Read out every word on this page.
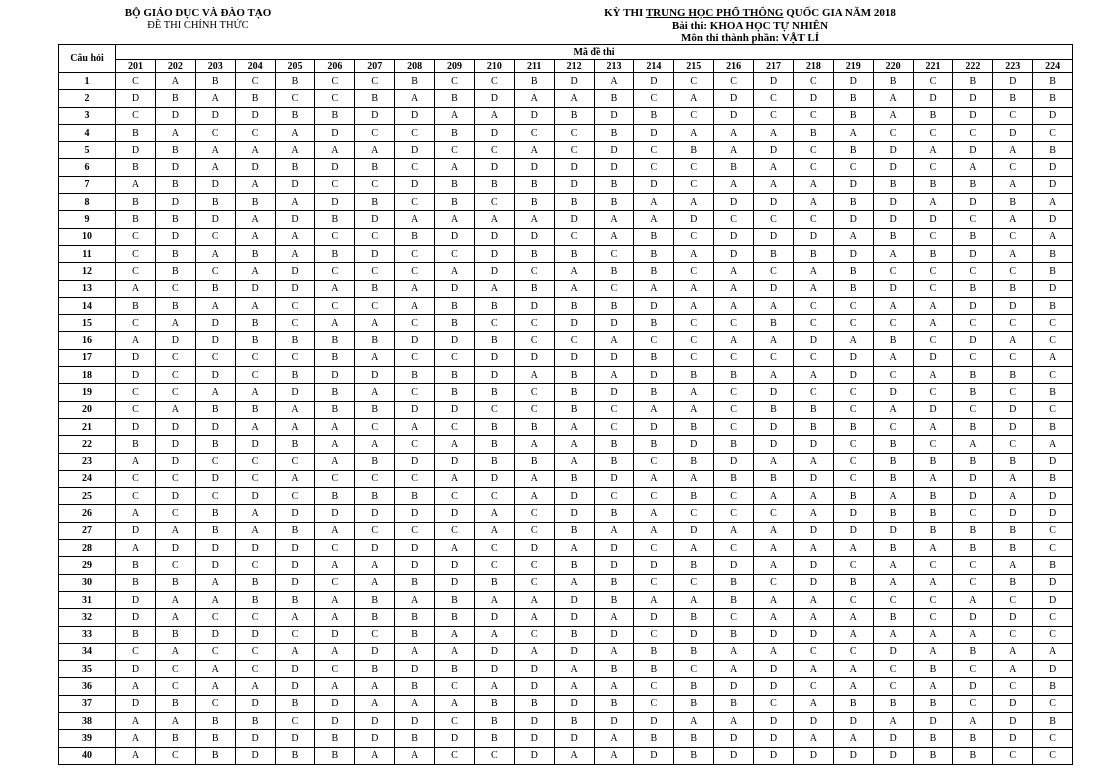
BỘ GIÁO DỤC VÀ ĐÀO TẠO
ĐỀ THI CHÍNH THỨC
KỲ THI TRUNG HỌC PHỔ THÔNG QUỐC GIA NĂM 2018
Bài thi: KHOA HỌC TỰ NHIÊN
Môn thi thành phần: VẬT LÍ
Câu hỏi	Mã đề thi																							
	201	202	203	204	205	206	207	208	209	210	211	212	213	214	215	216	217	218	219	220	221	222	223	224
1	C	A	B	C	B	C	C	B	C	C	B	D	A	D	C	C	D	C	D	B	C	B	D	B
2	D	B	A	B	C	C	B	A	B	D	A	A	B	C	A	D	C	D	B	A	D	D	B	B
3	C	D	D	D	B	B	D	D	A	A	D	B	D	B	C	D	C	C	B	A	B	D	C	D
4	B	A	C	C	A	D	C	C	B	D	C	C	B	D	A	A	A	B	A	C	C	C	D	C
5	D	B	A	A	A	A	A	D	C	C	A	C	D	C	B	A	D	C	B	D	A	D	A	B
6	B	D	A	D	B	D	B	C	A	D	D	D	D	C	C	B	A	C	C	D	C	A	C	D
7	A	B	D	A	D	C	C	D	B	B	B	D	B	D	C	A	A	A	D	B	B	B	A	D
8	B	D	B	B	A	D	B	C	B	C	B	B	B	A	A	D	D	A	B	D	A	D	B	A
9	B	B	D	A	D	B	D	A	A	A	A	D	A	A	D	C	C	C	D	D	D	C	A	D
10	C	D	C	A	A	C	C	B	D	D	D	C	A	B	C	D	D	D	A	B	C	B	C	A
11	C	B	A	B	A	B	D	C	C	D	B	B	C	B	A	D	B	B	D	A	B	D	A	B
12	C	B	C	A	D	C	C	C	A	D	C	A	B	B	C	A	C	A	B	C	C	C	C	B
13	A	C	B	D	D	A	B	A	D	A	B	A	C	A	A	A	D	A	B	D	C	B	B	D
14	B	B	A	A	C	C	C	A	B	B	D	B	B	D	A	A	A	C	C	A	A	D	D	B
15	C	A	D	B	C	A	A	C	B	C	C	D	D	B	C	C	B	C	C	C	A	C	C	C
16	A	D	D	B	B	B	B	D	D	B	C	C	A	C	C	A	A	D	A	B	C	D	A	C
17	D	C	C	C	C	B	A	C	C	D	D	D	D	B	C	C	C	C	D	A	D	C	C	A
18	D	C	D	C	B	D	D	B	B	D	A	B	A	D	B	B	A	A	D	C	A	B	B	C
19	C	C	A	A	D	B	A	C	B	B	C	B	D	B	A	C	D	C	C	D	C	B	C	B
20	C	A	B	B	A	B	B	D	D	C	C	B	C	A	A	C	B	B	C	A	D	C	D	C
21	D	D	D	A	A	A	C	A	C	B	B	A	C	D	B	C	D	B	B	C	A	B	D	B
22	B	D	B	D	B	A	A	C	A	B	A	A	B	B	D	B	D	D	C	B	C	A	C	A
23	A	D	C	C	C	A	B	D	D	B	B	A	B	C	B	D	A	A	C	B	B	B	B	D
24	C	C	D	C	A	C	C	C	A	D	A	B	D	A	A	B	B	D	C	B	A	D	A	B
25	C	D	C	D	C	B	B	B	C	C	A	D	C	C	B	C	A	A	B	A	B	D	A	D
26	A	C	B	A	D	D	D	D	D	A	C	D	B	A	C	C	C	A	D	B	B	C	D	D
27	D	A	B	A	B	A	C	C	C	A	C	B	A	A	D	A	A	D	D	D	B	B	B	C
28	A	D	D	D	D	C	D	D	A	C	D	A	D	C	A	C	A	A	A	B	A	B	B	C
29	B	C	D	C	D	A	A	D	D	C	C	B	D	D	B	D	A	D	C	A	C	C	A	B
30	B	B	A	B	D	C	A	B	D	B	C	A	B	C	C	B	C	D	B	A	A	C	B	D
31	D	A	A	B	B	A	B	A	B	A	A	D	B	A	A	B	A	A	C	C	C	A	C	D
32	D	A	C	C	A	A	B	B	B	D	A	D	A	D	B	C	A	A	A	B	C	D	D	C
33	B	B	D	D	C	D	C	B	A	A	C	B	D	C	D	B	D	D	A	A	A	A	C	C
34	C	A	C	C	A	A	D	A	A	D	A	D	A	B	B	A	A	C	C	D	A	B	A	A
35	D	C	A	C	D	C	B	D	B	D	D	A	B	B	C	A	D	A	A	C	B	C	A	D
36	A	C	A	A	D	A	A	B	C	A	D	A	A	C	B	D	D	C	A	C	A	D	C	B
37	D	B	C	D	B	D	A	A	A	B	B	D	B	C	B	B	C	A	B	B	B	C	D	C
38	A	A	B	B	C	D	D	D	C	B	D	B	D	D	A	A	D	D	D	A	D	A	D	B
39	A	B	B	D	D	B	D	B	D	B	D	D	A	B	B	D	D	A	A	D	B	B	D	C
40	A	C	B	D	B	B	A	A	C	C	D	A	A	D	B	D	D	D	D	D	B	B	C	C
